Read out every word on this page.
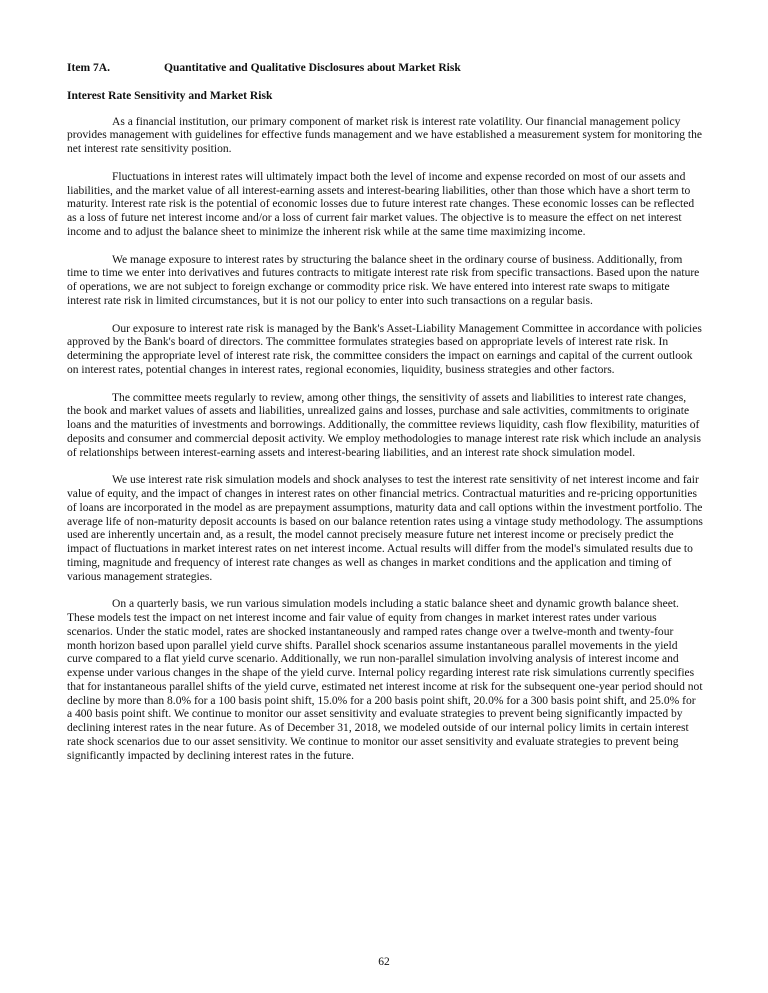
Item 7A.	Quantitative and Qualitative Disclosures about Market Risk
Interest Rate Sensitivity and Market Risk

As a financial institution, our primary component of market risk is interest rate volatility. Our financial management policy provides management with guidelines for effective funds management and we have established a measurement system for monitoring the net interest rate sensitivity position.

Fluctuations in interest rates will ultimately impact both the level of income and expense recorded on most of our assets and liabilities, and the market value of all interest-earning assets and interest-bearing liabilities, other than those which have a short term to maturity. Interest rate risk is the potential of economic losses due to future interest rate changes. These economic losses can be reflected as a loss of future net interest income and/or a loss of current fair market values. The objective is to measure the effect on net interest income and to adjust the balance sheet to minimize the inherent risk while at the same time maximizing income.

We manage exposure to interest rates by structuring the balance sheet in the ordinary course of business. Additionally, from time to time we enter into derivatives and futures contracts to mitigate interest rate risk from specific transactions. Based upon the nature of operations, we are not subject to foreign exchange or commodity price risk. We have entered into interest rate swaps to mitigate interest rate risk in limited circumstances, but it is not our policy to enter into such transactions on a regular basis.

Our exposure to interest rate risk is managed by the Bank's Asset-Liability Management Committee in accordance with policies approved by the Bank's board of directors. The committee formulates strategies based on appropriate levels of interest rate risk. In determining the appropriate level of interest rate risk, the committee considers the impact on earnings and capital of the current outlook on interest rates, potential changes in interest rates, regional economies, liquidity, business strategies and other factors.

The committee meets regularly to review, among other things, the sensitivity of assets and liabilities to interest rate changes, the book and market values of assets and liabilities, unrealized gains and losses, purchase and sale activities, commitments to originate loans and the maturities of investments and borrowings. Additionally, the committee reviews liquidity, cash flow flexibility, maturities of deposits and consumer and commercial deposit activity. We employ methodologies to manage interest rate risk which include an analysis of relationships between interest-earning assets and interest-bearing liabilities, and an interest rate shock simulation model.

We use interest rate risk simulation models and shock analyses to test the interest rate sensitivity of net interest income and fair value of equity, and the impact of changes in interest rates on other financial metrics. Contractual maturities and re-pricing opportunities of loans are incorporated in the model as are prepayment assumptions, maturity data and call options within the investment portfolio. The average life of non-maturity deposit accounts is based on our balance retention rates using a vintage study methodology. The assumptions used are inherently uncertain and, as a result, the model cannot precisely measure future net interest income or precisely predict the impact of fluctuations in market interest rates on net interest income. Actual results will differ from the model's simulated results due to timing, magnitude and frequency of interest rate changes as well as changes in market conditions and the application and timing of various management strategies.

On a quarterly basis, we run various simulation models including a static balance sheet and dynamic growth balance sheet. These models test the impact on net interest income and fair value of equity from changes in market interest rates under various scenarios. Under the static model, rates are shocked instantaneously and ramped rates change over a twelve-month and twenty-four month horizon based upon parallel yield curve shifts. Parallel shock scenarios assume instantaneous parallel movements in the yield curve compared to a flat yield curve scenario. Additionally, we run non-parallel simulation involving analysis of interest income and expense under various changes in the shape of the yield curve. Internal policy regarding interest rate risk simulations currently specifies that for instantaneous parallel shifts of the yield curve, estimated net interest income at risk for the subsequent one-year period should not decline by more than 8.0% for a 100 basis point shift, 15.0% for a 200 basis point shift, 20.0% for a 300 basis point shift, and 25.0% for a 400 basis point shift. We continue to monitor our asset sensitivity and evaluate strategies to prevent being significantly impacted by declining interest rates in the near future. As of December 31, 2018, we modeled outside of our internal policy limits in certain interest rate shock scenarios due to our asset sensitivity. We continue to monitor our asset sensitivity and evaluate strategies to prevent being significantly impacted by declining interest rates in the future.

62
